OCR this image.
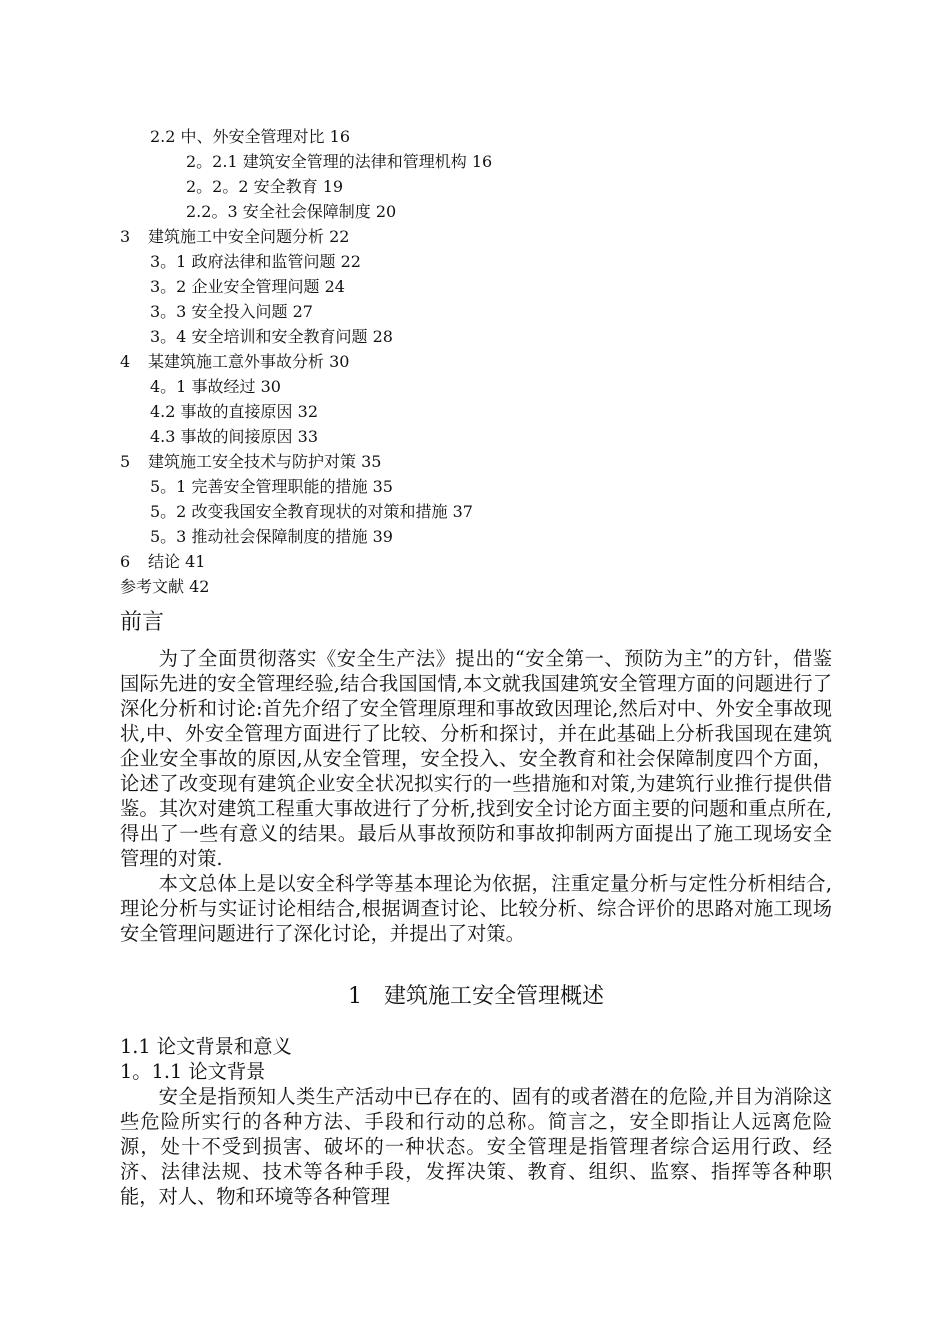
2.2 中、外安全管理对比 16
2。2.1 建筑安全管理的法律和管理机构 16
2。2。2 安全教育 19
2.2。3 安全社会保障制度 20
3 建筑施工中安全问题分析 22
3。1 政府法律和监管问题 22
3。2 企业安全管理问题 24
3。3 安全投入问题 27
3。4 安全培训和安全教育问题 28
4 某建筑施工意外事故分析 30
4。1 事故经过 30
4.2 事故的直接原因 32
4.3 事故的间接原因 33
5 建筑施工安全技术与防护对策 35
5。1 完善安全管理职能的措施 35
5。2 改变我国安全教育现状的对策和措施 37
5。3 推动社会保障制度的措施 39
6 结论 41
参考文献 42
前言

为了全面贯彻落实《安全生产法》提出的“安全第一、预防为主”的方针，借鉴国际先进的安全管理经验,结合我国国情,本文就我国建筑安全管理方面的问题进行了深化分析和讨论:首先介绍了安全管理原理和事故致因理论,然后对中、外安全事故现状,中、外安全管理方面进行了比较、分析和探讨，并在此基础上分析我国现在建筑企业安全事故的原因,从安全管理，安全投入、安全教育和社会保障制度四个方面，论述了改变现有建筑企业安全状况拟实行的一些措施和对策,为建筑行业推行提供借鉴。其次对建筑工程重大事故进行了分析,找到安全讨论方面主要的问题和重点所在,得出了一些有意义的结果。最后从事故预防和事故抑制两方面提出了施工现场安全管理的对策.

本文总体上是以安全科学等基本理论为依据，注重定量分析与定性分析相结合,理论分析与实证讨论相结合,根据调查讨论、比较分析、综合评价的思路对施工现场安全管理问题进行了深化讨论，并提出了对策。

1　建筑施工安全管理概述
1.1 论文背景和意义
1。1.1 论文背景

安全是指预知人类生产活动中已存在的、固有的或者潜在的危险,并目为消除这些危险所实行的各种方法、手段和行动的总称。简言之，安全即指让人远离危险源，处十不受到损害、破坏的一种状态。安全管理是指管理者综合运用行政、经济、法律法规、技术等各种手段，发挥决策、教育、组织、监察、指挥等各种职能，对人、物和环境等各种管理
